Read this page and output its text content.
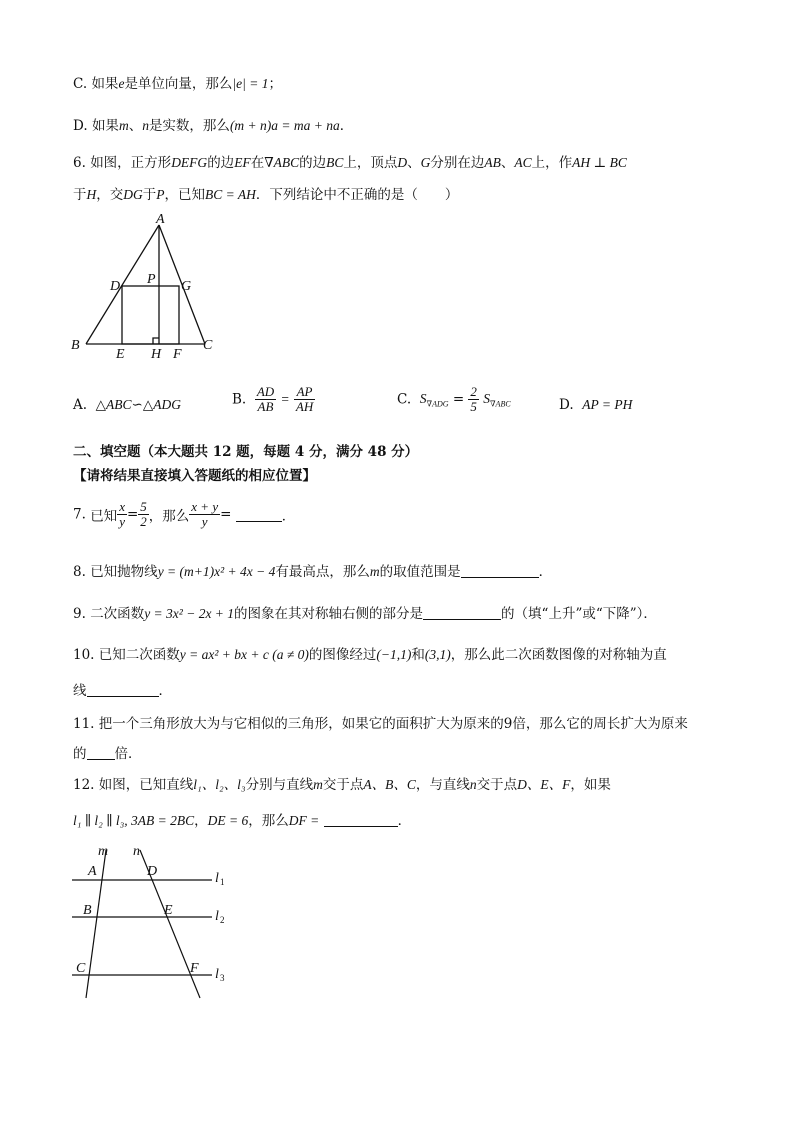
C. 如果e是单位向量，那么|e| = 1；
D. 如果m、n是实数，那么(m + n)a = ma + na．
6. 如图，正方形DEFG的边EF在∇ABC的边BC上，顶点D、G分别在边AB、AC上，作AH ⊥ BC
于H，交DG于P，已知BC = AH．下列结论中不正确的是（　　）
A
D P G
B
E H F
C
A. △ABC∽△ADG	B. $\frac{AD}{AB} = \frac{AP}{AH}$	C. $S_{\nabla ADG} = \frac{2}{5} S_{\nabla ABC}$	D. AP = PH
二、填空题（本大题共 12 题，每题 4 分，满分 48 分）
【请将结果直接填入答题纸的相应位置】
7. 已知 $\frac{x}{y} = \frac{5}{2}$ ，那么 $\frac{x + y}{y}$ =	．
8. 已知抛物线y = (m+1)x² + 4x − 4有最高点，那么m的取值范围是	．
9. 二次函数y = 3x² − 2x + 1的图象在其对称轴右侧的部分是	的（填“上升”或“下降”）．
10. 已知二次函数y = ax² + bx + c (a ≠ 0)的图像经过(−1,1)和(3,1)，那么此二次函数图像的对称轴为直
线	．
11. 把一个三角形放大为与它相似的三角形，如果它的面积扩大为原来的9倍，那么它的周长扩大为原来
的 倍．
12. 如图，已知直线l₁、l₂、l₃分别与直线m交于点A、B、C，与直线n交于点D、E、F，如果
l₁ ∥ l₂ ∥ l₃, 3AB = 2BC，DE = 6，那么DF =	．
m n
A	D
B	E
C	F
l 1
l 2
l 3
